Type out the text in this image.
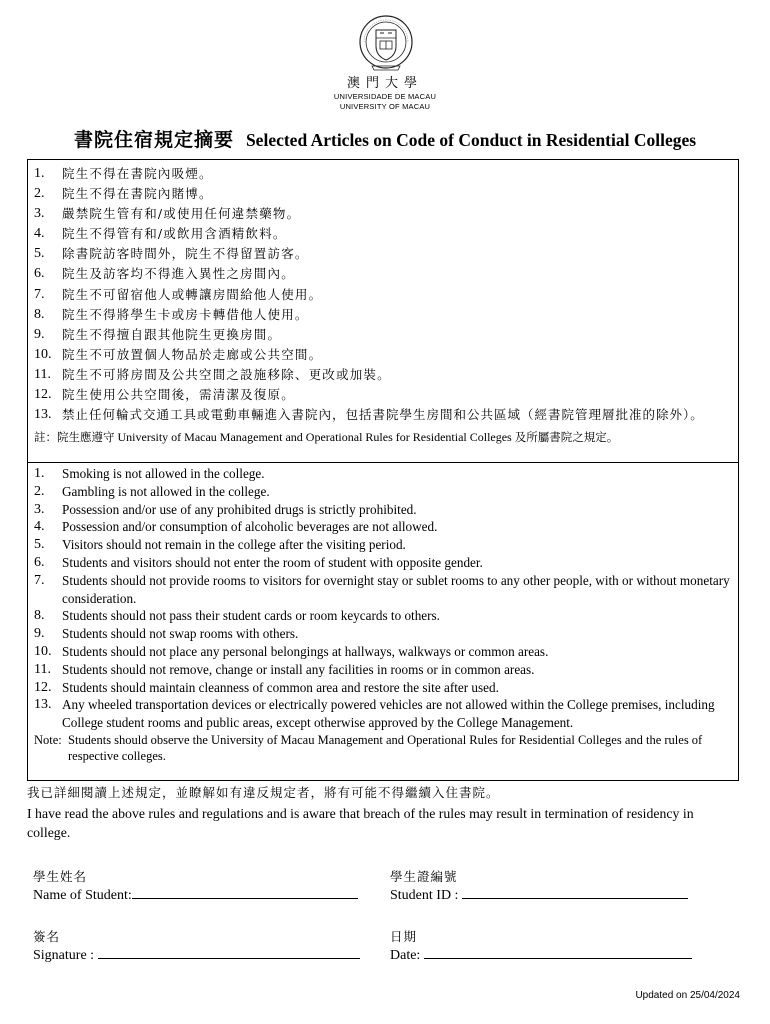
澳門大學
UNIVERSIDADE DE MACAU
UNIVERSITY OF MACAU
書院住宿規定摘要 Selected Articles on Code of Conduct in Residential Colleges
1.	院生不得在書院內吸煙。
2.	院生不得在書院內賭博。
3.	嚴禁院生管有和/或使用任何違禁藥物。
4.	院生不得管有和/或飲用含酒精飲料。
5.	除書院訪客時間外，院生不得留置訪客。
6.	院生及訪客均不得進入異性之房間內。
7.	院生不可留宿他人或轉讓房間給他人使用。
8.	院生不得將學生卡或房卡轉借他人使用。
9.	院生不得擅自跟其他院生更換房間。
10. 院生不可放置個人物品於走廊或公共空間。
11. 院生不可將房間及公共空間之設施移除、更改或加裝。
12. 院生使用公共空間後，需清潔及復原。
13. 禁止任何輪式交通工具或電動車輛進入書院內，包括書院學生房間和公共區域（經書院管理層批准的除外）。
註：院生應遵守 University of Macau Management and Operational Rules for Residential Colleges 及所屬書院之規定。
1.	Smoking is not allowed in the college.
2.	Gambling is not allowed in the college.
3.	Possession and/or use of any prohibited drugs is strictly prohibited.
4.	Possession and/or consumption of alcoholic beverages are not allowed.
5.	Visitors should not remain in the college after the visiting period.
6.	Students and visitors should not enter the room of student with opposite gender.
7.	Students should not provide rooms to visitors for overnight stay or sublet rooms to any other people, with or without monetary consideration.
8.	Students should not pass their student cards or room keycards to others.
9.	Students should not swap rooms with others.
10. Students should not place any personal belongings at hallways, walkways or common areas.
11. Students should not remove, change or install any facilities in rooms or in common areas.
12. Students should maintain cleanness of common area and restore the site after used.
13. Any wheeled transportation devices or electrically powered vehicles are not allowed within the College premises, including College student rooms and public areas, except otherwise approved by the College Management.
Note: Students should observe the University of Macau Management and Operational Rules for Residential Colleges and the rules of respective colleges.
我已詳細閱讀上述規定，並瞭解如有違反規定者，將有可能不得繼續入住書院。
I have read the above rules and regulations and is aware that breach of the rules may result in termination of residency in college.
學生姓名
Name of Student:
學生證編號
Student ID :
簽名
Signature :
日期
Date:
Updated on 25/04/2024
